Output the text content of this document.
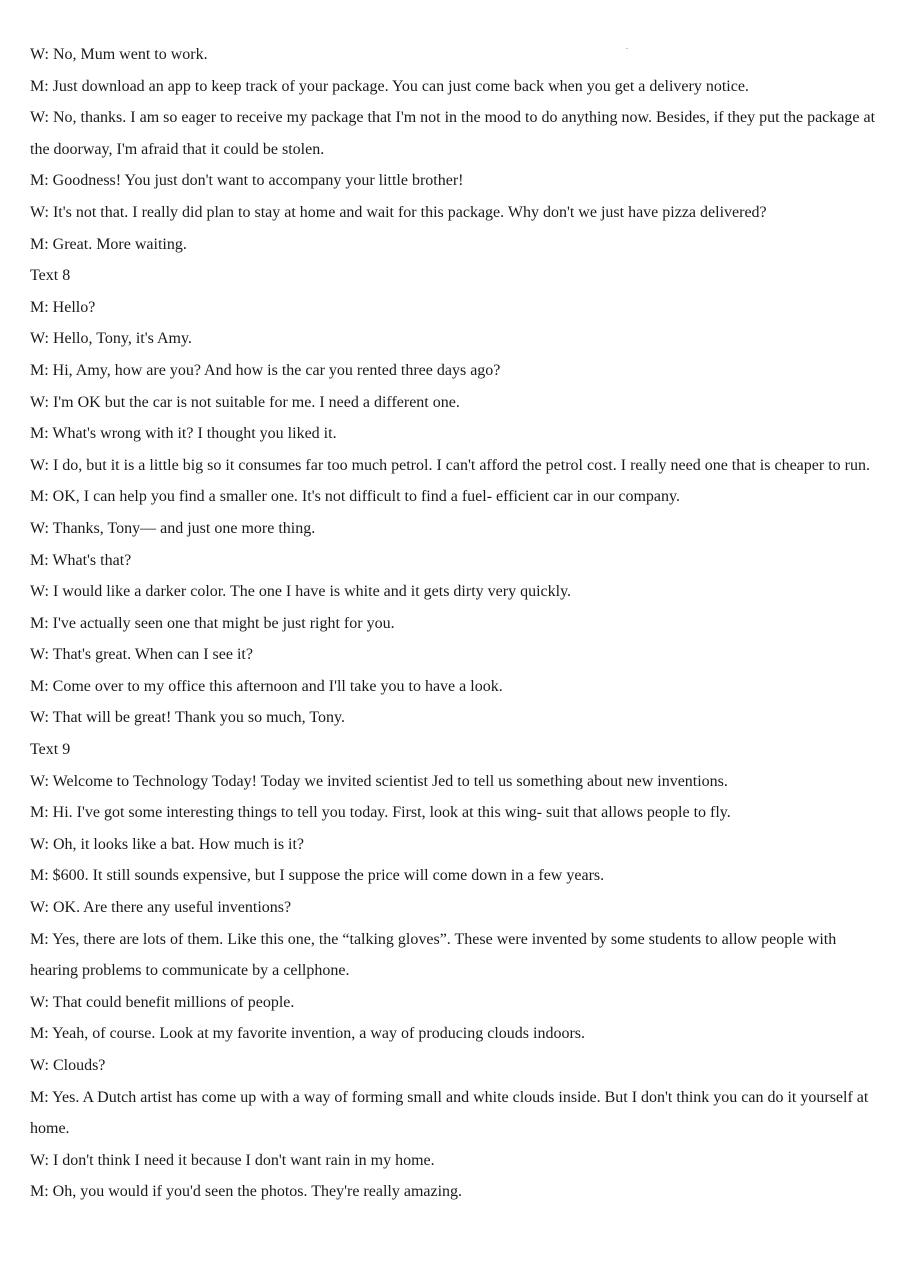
W: No, Mum went to work.

M: Just download an app to keep track of your package. You can just come back when you get a delivery notice.

W: No, thanks. I am so eager to receive my package that I'm not in the mood to do anything now. Besides, if they put the package at the doorway, I'm afraid that it could be stolen.

M: Goodness! You just don't want to accompany your little brother!

W: It's not that. I really did plan to stay at home and wait for this package. Why don't we just have pizza delivered?

M: Great. More waiting.

Text 8

M: Hello?

W: Hello, Tony, it's Amy.

M: Hi, Amy, how are you? And how is the car you rented three days ago?

W: I'm OK but the car is not suitable for me. I need a different one.

M: What's wrong with it? I thought you liked it.

W: I do, but it is a little big so it consumes far too much petrol. I can't afford the petrol cost. I really need one that is cheaper to run.

M: OK, I can help you find a smaller one. It's not difficult to find a fuel- efficient car in our company.

W: Thanks, Tony— and just one more thing.

M: What's that?

W: I would like a darker color. The one I have is white and it gets dirty very quickly.

M: I've actually seen one that might be just right for you.

W: That's great. When can I see it?

M: Come over to my office this afternoon and I'll take you to have a look.

W: That will be great! Thank you so much, Tony.

Text 9

W: Welcome to Technology Today! Today we invited scientist Jed to tell us something about new inventions.

M: Hi. I've got some interesting things to tell you today. First, look at this wing- suit that allows people to fly.

W: Oh, it looks like a bat. How much is it?

M: $600. It still sounds expensive, but I suppose the price will come down in a few years.

W: OK. Are there any useful inventions?

M: Yes, there are lots of them. Like this one, the “talking gloves”. These were invented by some students to allow people with hearing problems to communicate by a cellphone.

W: That could benefit millions of people.

M: Yeah, of course. Look at my favorite invention, a way of producing clouds indoors.

W: Clouds?

M: Yes. A Dutch artist has come up with a way of forming small and white clouds inside. But I don't think you can do it yourself at home.

W: I don't think I need it because I don't want rain in my home.

M: Oh, you would if you'd seen the photos. They're really amazing.
